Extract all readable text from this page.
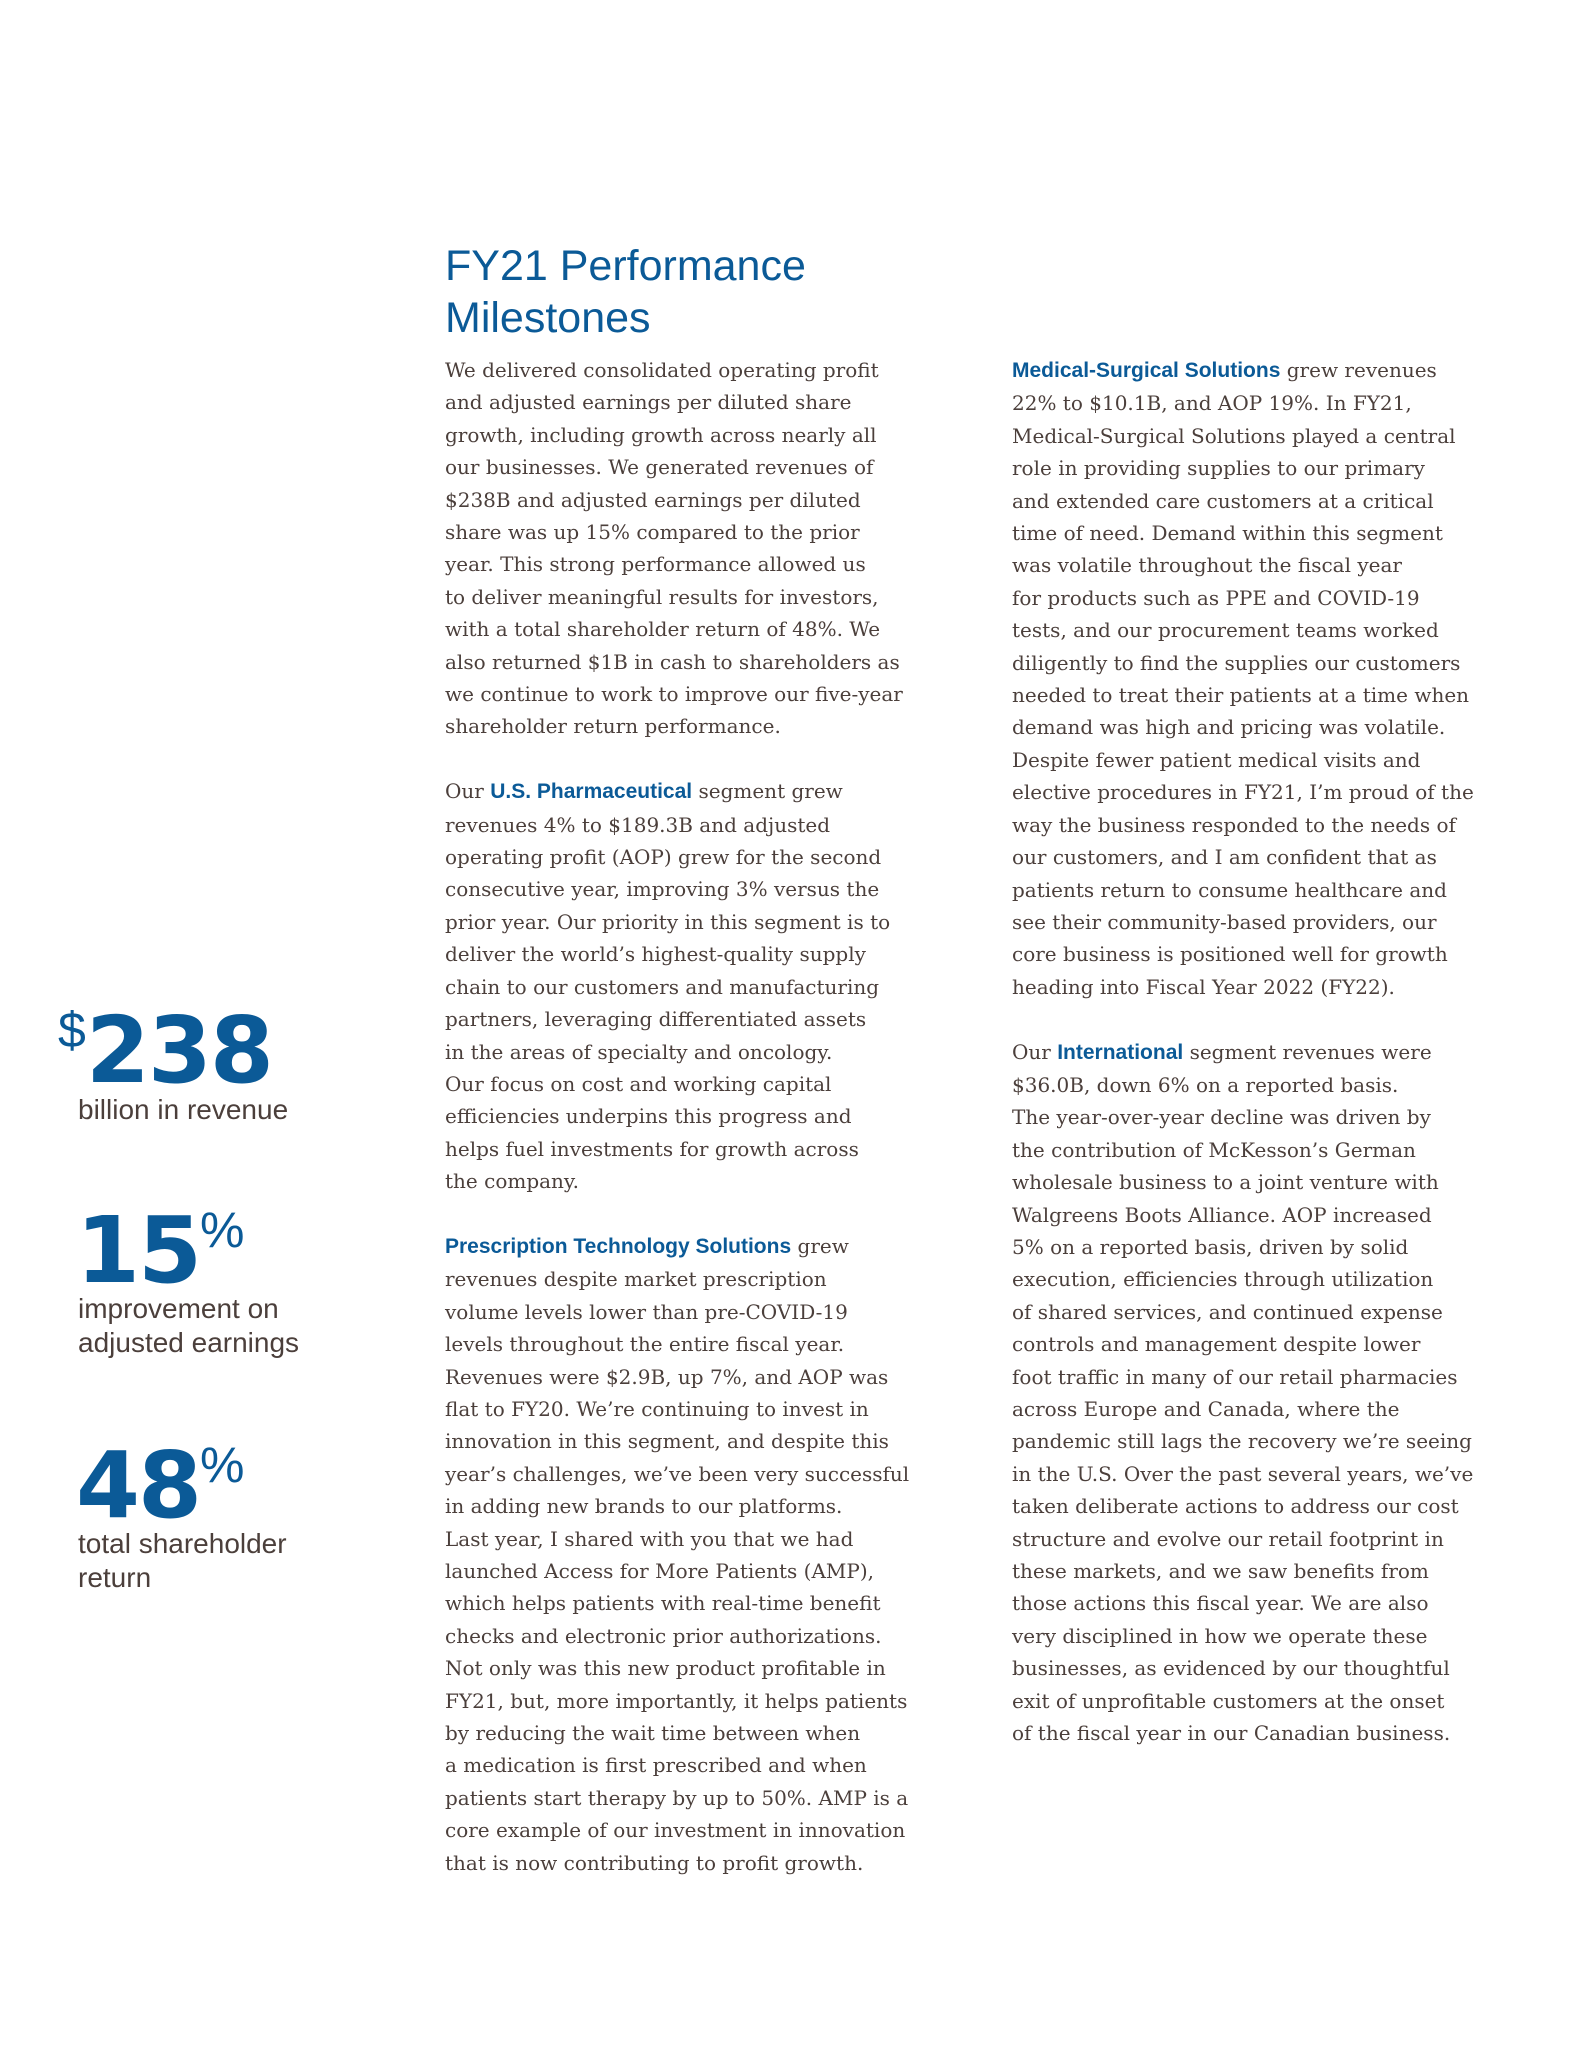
FY21 Performance
Milestones
$238
billion in revenue
15%
improvement on
adjusted earnings
48%
total shareholder
return

We delivered consolidated operating profit
and adjusted earnings per diluted share
growth, including growth across nearly all
our businesses. We generated revenues of
$238B and adjusted earnings per diluted
share was up 15% compared to the prior
year. This strong performance allowed us
to deliver meaningful results for investors,
with a total shareholder return of 48%. We
also returned $1B in cash to shareholders as
we continue to work to improve our five-year
shareholder return performance.

Our U.S. Pharmaceutical segment grew
revenues 4% to $189.3B and adjusted
operating profit (AOP) grew for the second
consecutive year, improving 3% versus the
prior year. Our priority in this segment is to
deliver the world’s highest-quality supply
chain to our customers and manufacturing
partners, leveraging differentiated assets
in the areas of specialty and oncology.
Our focus on cost and working capital
efficiencies underpins this progress and
helps fuel investments for growth across
the company.

Prescription Technology Solutions grew
revenues despite market prescription
volume levels lower than pre-COVID-19
levels throughout the entire fiscal year.
Revenues were $2.9B, up 7%, and AOP was
flat to FY20. We’re continuing to invest in
innovation in this segment, and despite this
year’s challenges, we’ve been very successful
in adding new brands to our platforms.
Last year, I shared with you that we had
launched Access for More Patients (AMP),
which helps patients with real-time benefit
checks and electronic prior authorizations.
Not only was this new product profitable in
FY21, but, more importantly, it helps patients
by reducing the wait time between when
a medication is first prescribed and when
patients start therapy by up to 50%. AMP is a
core example of our investment in innovation
that is now contributing to profit growth.

Medical-Surgical Solutions grew revenues
22% to $10.1B, and AOP 19%. In FY21,
Medical-Surgical Solutions played a central
role in providing supplies to our primary
and extended care customers at a critical
time of need. Demand within this segment
was volatile throughout the fiscal year
for products such as PPE and COVID-19
tests, and our procurement teams worked
diligently to find the supplies our customers
needed to treat their patients at a time when
demand was high and pricing was volatile.
Despite fewer patient medical visits and
elective procedures in FY21, I’m proud of the
way the business responded to the needs of
our customers, and I am confident that as
patients return to consume healthcare and
see their community-based providers, our
core business is positioned well for growth
heading into Fiscal Year 2022 (FY22).

Our International segment revenues were
$36.0B, down 6% on a reported basis.
The year-over-year decline was driven by
the contribution of McKesson’s German
wholesale business to a joint venture with
Walgreens Boots Alliance. AOP increased
5% on a reported basis, driven by solid
execution, efficiencies through utilization
of shared services, and continued expense
controls and management despite lower
foot traffic in many of our retail pharmacies
across Europe and Canada, where the
pandemic still lags the recovery we’re seeing
in the U.S. Over the past several years, we’ve
taken deliberate actions to address our cost
structure and evolve our retail footprint in
these markets, and we saw benefits from
those actions this fiscal year. We are also
very disciplined in how we operate these
businesses, as evidenced by our thoughtful
exit of unprofitable customers at the onset
of the fiscal year in our Canadian business.
